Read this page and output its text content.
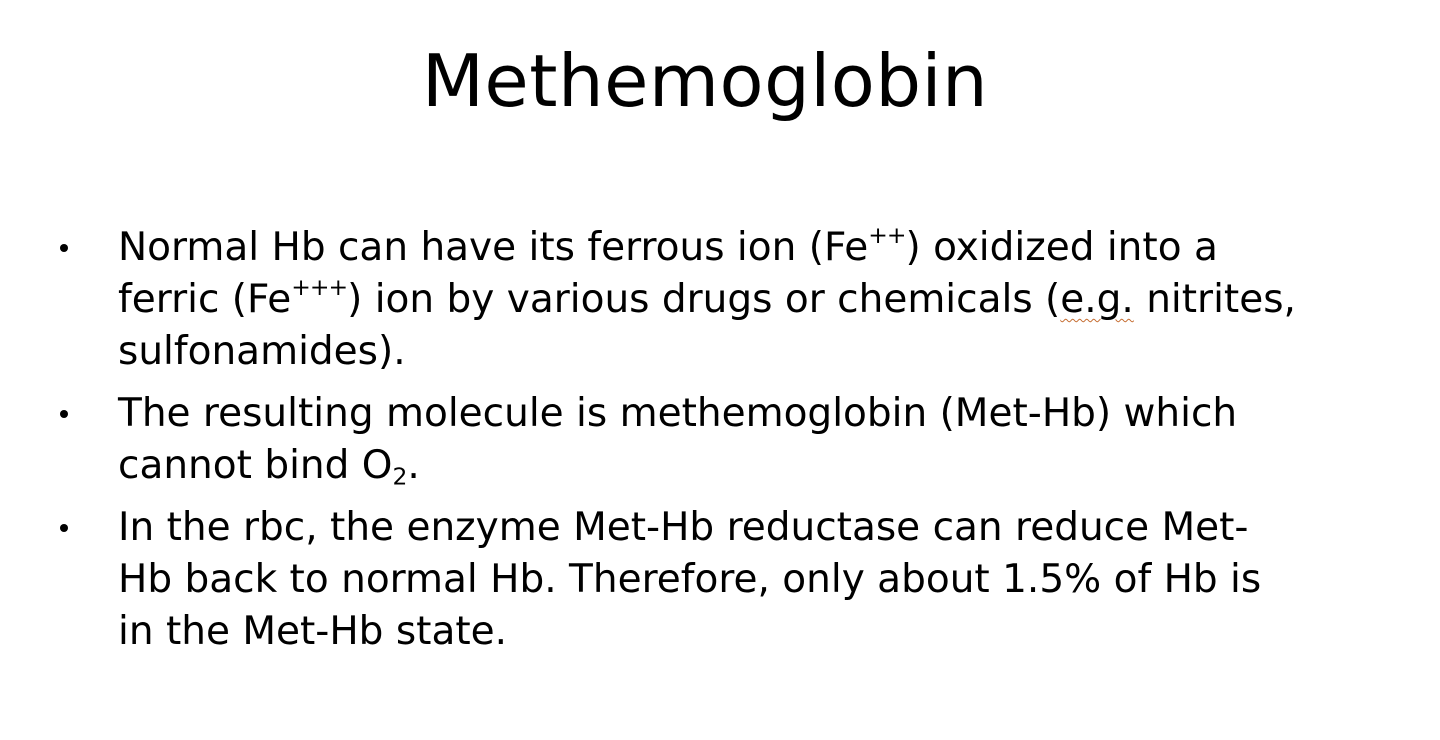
Methemoglobin
Normal Hb can have its ferrous ion (Fe++) oxidized into a
ferric (Fe+++) ion by various drugs or chemicals (e.g. nitrites,
sulfonamides).
The resulting molecule is methemoglobin (Met-Hb) which
cannot bind $O_2$.
In the rbc, the enzyme Met-Hb reductase can reduce Met-
Hb back to normal Hb. Therefore, only about 1.5% of Hb is
in the Met-Hb state.
